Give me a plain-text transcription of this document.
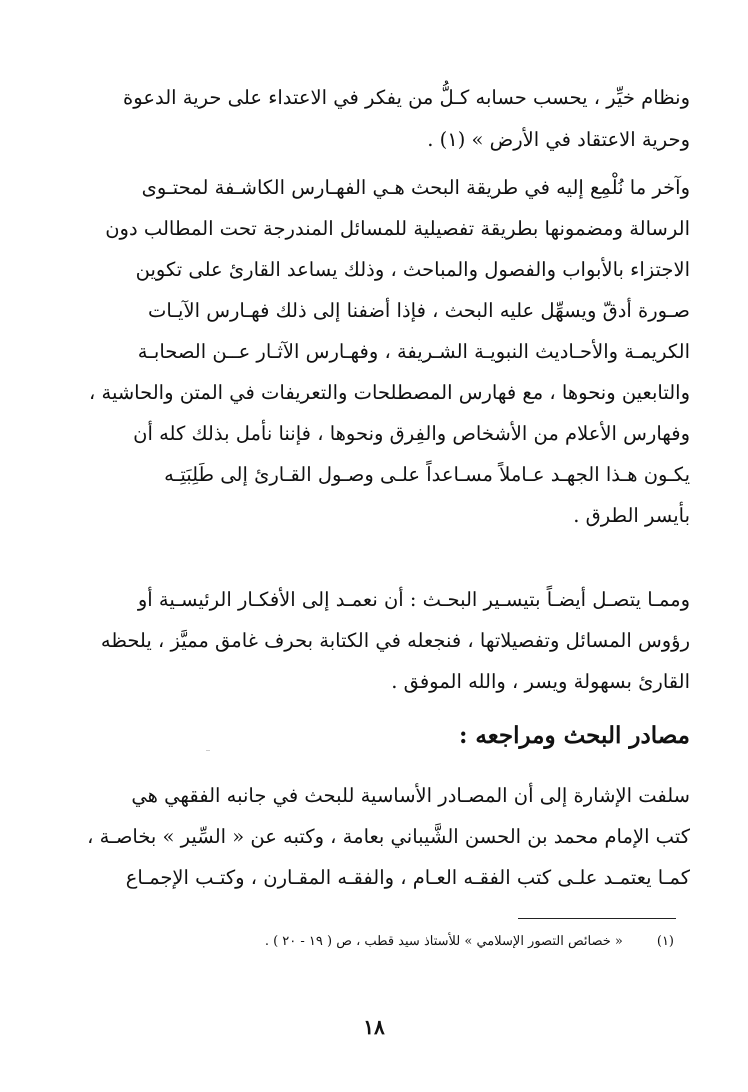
ونظام خيِّر ، يحسب حسابه كـلُّ من يفكر في الاعتداء على حرية الدعوة
وحرية الاعتقاد في الأرض » (١) .
وآخر ما نُلْمِع إليه في طريقة البحث هـي الفهـارس الكاشـفة لمحتـوى
الرسالة ومضمونها بطريقة تفصيلية للمسائل المندرجة تحت المطالب دون
الاجتزاء بالأبواب والفصول والمباحث ، وذلك يساعد القارئ على تكوين
صـورة أدقّ ويسهِّل عليه البحث ، فإذا أضفنا إلى ذلك فهـارس الآيـات
الكريمـة والأحـاديث النبويـة الشـريفة ، وفهـارس الآثـار عــن الصحابـة
والتابعين ونحوها ، مع فهارس المصطلحات والتعريفات في المتن والحاشية ،
وفهارس الأعلام من الأشخاص والفِرق ونحوها ، فإننا نأمل بذلك كله أن
يكـون هـذا الجهـد عـاملاً مسـاعداً علـى وصـول القـارئ إلى طَلِبَتِـه
بأيسر الطرق .
وممـا يتصـل أيضـاً بتيسـير البحـث : أن نعمـد إلى الأفكـار الرئيسـية أو
رؤوس المسائل وتفصيلاتها ، فنجعله في الكتابة بحرف غامق مميَّز ، يلحظه
القارئ بسهولة ويسر ، والله الموفق .
مصادر البحث ومراجعه :
سلفت الإشارة إلى أن المصـادر الأساسية للبحث في جانبه الفقهي هي
كتب الإمام محمد بن الحسن الشَّيباني بعامة ، وكتبه عن « السِّير » بخاصـة ،
كمـا يعتمـد علـى كتب الفقـه العـام ، والفقـه المقـارن ، وكتـب الإجمـاع
(١)« خصائص التصور الإسلامي » للأستاذ سيد قطب ، ص ( ١٩ - ٢٠ ) .
١٨
